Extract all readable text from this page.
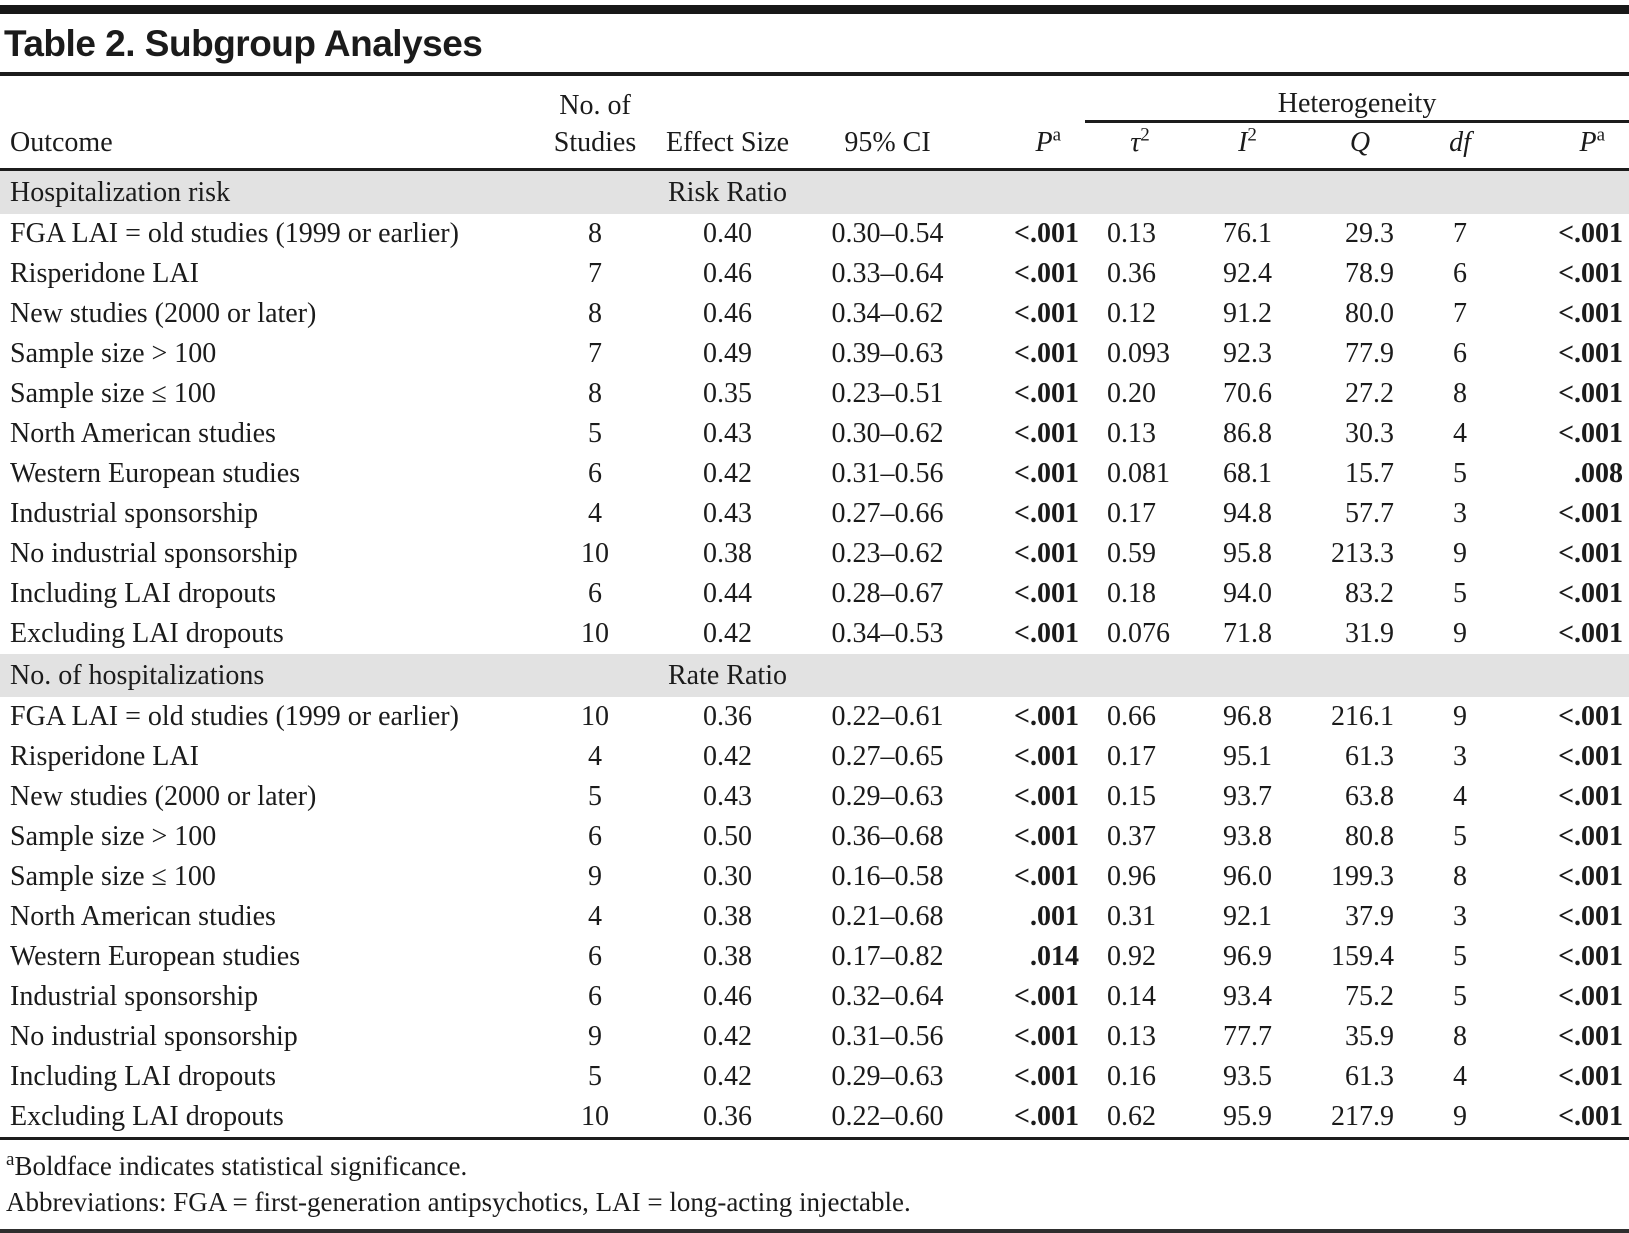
Table 2. Subgroup Analyses
	No. of				Heterogeneity				
Outcome	Studies	Effect Size	95% CI	$P^a$	$\tau^2$	$I^2$	Q	df	$P^a$
Hospitalization risk		Risk Ratio							
FGA LAI = old studies (1999 or earlier)	8	0.40	0.30–0.54	<.001	0.13	76.1	29.3	7	<.001
Risperidone LAI	7	0.46	0.33–0.64	<.001	0.36	92.4	78.9	6	<.001
New studies (2000 or later)	8	0.46	0.34–0.62	<.001	0.12	91.2	80.0	7	<.001
Sample size > 100	7	0.49	0.39–0.63	<.001	0.093	92.3	77.9	6	<.001
Sample size ≤ 100	8	0.35	0.23–0.51	<.001	0.20	70.6	27.2	8	<.001
North American studies	5	0.43	0.30–0.62	<.001	0.13	86.8	30.3	4	<.001
Western European studies	6	0.42	0.31–0.56	<.001	0.081	68.1	15.7	5	.008
Industrial sponsorship	4	0.43	0.27–0.66	<.001	0.17	94.8	57.7	3	<.001
No industrial sponsorship	10	0.38	0.23–0.62	<.001	0.59	95.8	213.3	9	<.001
Including LAI dropouts	6	0.44	0.28–0.67	<.001	0.18	94.0	83.2	5	<.001
Excluding LAI dropouts	10	0.42	0.34–0.53	<.001	0.076	71.8	31.9	9	<.001
No. of hospitalizations		Rate Ratio							
FGA LAI = old studies (1999 or earlier)	10	0.36	0.22–0.61	<.001	0.66	96.8	216.1	9	<.001
Risperidone LAI	4	0.42	0.27–0.65	<.001	0.17	95.1	61.3	3	<.001
New studies (2000 or later)	5	0.43	0.29–0.63	<.001	0.15	93.7	63.8	4	<.001
Sample size > 100	6	0.50	0.36–0.68	<.001	0.37	93.8	80.8	5	<.001
Sample size ≤ 100	9	0.30	0.16–0.58	<.001	0.96	96.0	199.3	8	<.001
North American studies	4	0.38	0.21–0.68	.001	0.31	92.1	37.9	3	<.001
Western European studies	6	0.38	0.17–0.82	.014	0.92	96.9	159.4	5	<.001
Industrial sponsorship	6	0.46	0.32–0.64	<.001	0.14	93.4	75.2	5	<.001
No industrial sponsorship	9	0.42	0.31–0.56	<.001	0.13	77.7	35.9	8	<.001
Including LAI dropouts	5	0.42	0.29–0.63	<.001	0.16	93.5	61.3	4	<.001
Excluding LAI dropouts	10	0.36	0.22–0.60	<.001	0.62	95.9	217.9	9	<.001
$^a$Boldface indicates statistical significance.
Abbreviations: FGA = first-generation antipsychotics, LAI = long-acting injectable.
